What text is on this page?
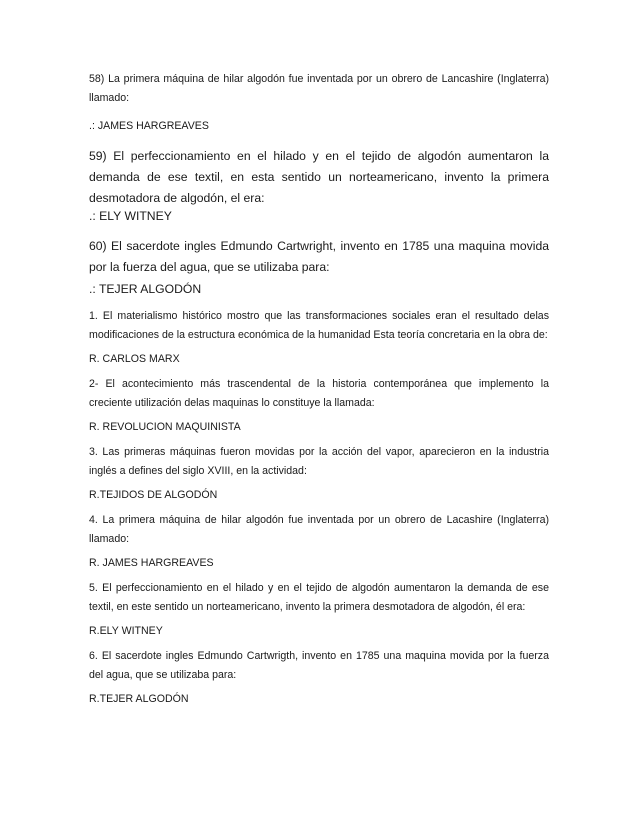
58) La primera máquina de hilar algodón fue inventada por un obrero de Lancashire (Inglaterra) llamado:

.: JAMES HARGREAVES

59) El perfeccionamiento en el hilado y en el tejido de algodón aumentaron la demanda de ese textil, en esta sentido un norteamericano, invento la primera desmotadora de algodón, el era:

.: ELY WITNEY

60) El sacerdote ingles Edmundo Cartwright, invento en 1785 una maquina movida por la fuerza del agua, que se utilizaba para:

.: TEJER ALGODÓN

1. El materialismo histórico mostro que las transformaciones sociales eran el resultado delas modificaciones de la estructura económica de la humanidad Esta teoría concretaria en la obra de:

R. CARLOS MARX

2- El acontecimiento más trascendental de la historia contemporánea que implemento la creciente utilización delas maquinas lo constituye la llamada:

R. REVOLUCION MAQUINISTA

3. Las primeras máquinas fueron movidas por la acción del vapor, aparecieron en la industria inglés a defines del siglo XVIII, en la actividad:

R.TEJIDOS DE ALGODÓN

4. La primera máquina de hilar algodón fue inventada por un obrero de Lacashire (Inglaterra) llamado:

R. JAMES HARGREAVES

5. El perfeccionamiento en el hilado y en el tejido de algodón aumentaron la demanda de ese textil, en este sentido un norteamericano, invento la primera desmotadora de algodón, él era:

R.ELY WITNEY

6. El sacerdote ingles Edmundo Cartwrigth, invento en 1785 una maquina movida por la fuerza del agua, que se utilizaba para:

R.TEJER ALGODÓN
